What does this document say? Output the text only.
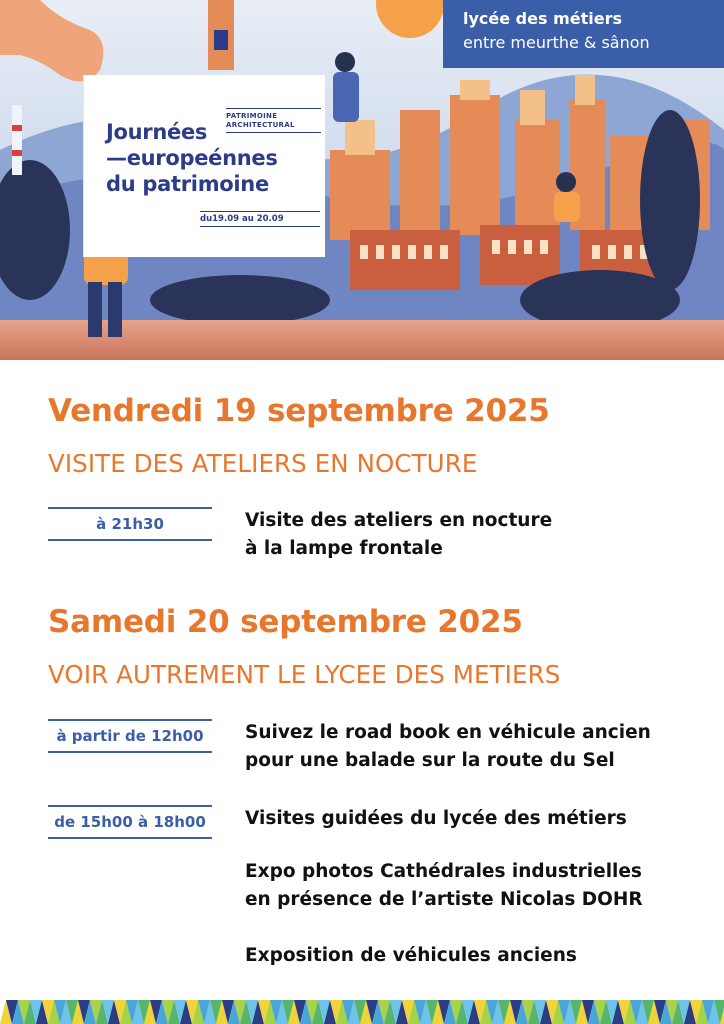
PATRIMOINE
ARCHITECTURAL
Journées
—europeénnes
du patrimoine
du19.09 au 20.09
lycée des métiers
entre meurthe & sânon
Vendredi 19 septembre 2025
VISITE DES ATELIERS EN NOCTURE
à 21h30	Visite des ateliers en nocture
à la lampe frontale
Samedi 20 septembre 2025
VOIR AUTREMENT LE LYCEE DES METIERS
à partir de 12h00	Suivez le road book en véhicule ancien
pour une balade sur la route du Sel
de 15h00 à 18h00	Visites guidées du lycée des métiers
Expo photos Cathédrales industrielles
en présence de l’artiste Nicolas DOHR
Exposition de véhicules anciens
